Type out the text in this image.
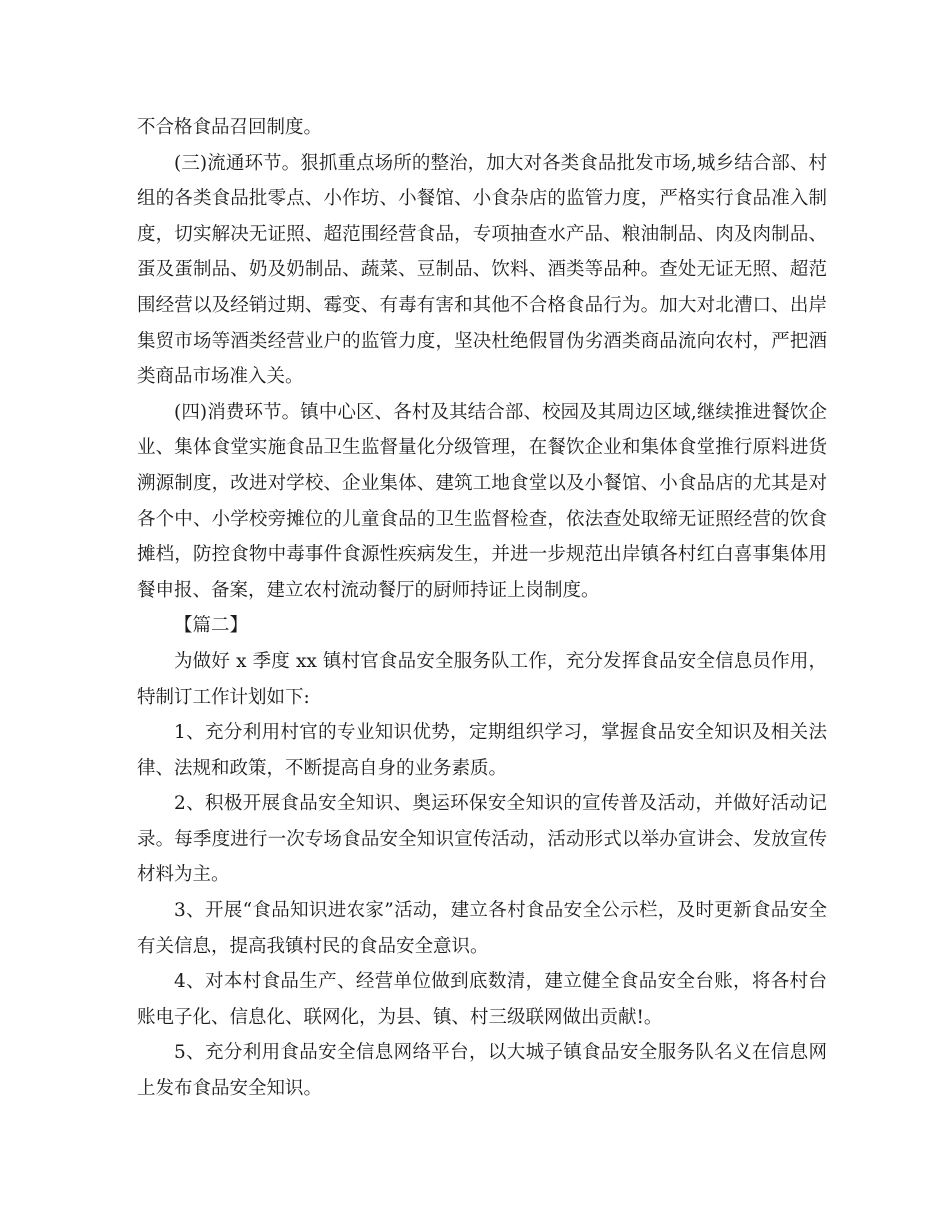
不合格食品召回制度。

(三)流通环节。狠抓重点场所的整治，加大对各类食品批发市场,城乡结合部、村组的各类食品批零点、小作坊、小餐馆、小食杂店的监管力度，严格实行食品准入制度，切实解决无证照、超范围经营食品，专项抽查水产品、粮油制品、肉及肉制品、蛋及蛋制品、奶及奶制品、蔬菜、豆制品、饮料、酒类等品种。查处无证无照、超范围经营以及经销过期、霉变、有毒有害和其他不合格食品行为。加大对北漕口、出岸集贸市场等酒类经营业户的监管力度，坚决杜绝假冒伪劣酒类商品流向农村，严把酒类商品市场准入关。

(四)消费环节。镇中心区、各村及其结合部、校园及其周边区域,继续推进餐饮企业、集体食堂实施食品卫生监督量化分级管理，在餐饮企业和集体食堂推行原料进货溯源制度，改进对学校、企业集体、建筑工地食堂以及小餐馆、小食品店的尤其是对各个中、小学校旁摊位的儿童食品的卫生监督检查，依法查处取缔无证照经营的饮食摊档，防控食物中毒事件食源性疾病发生，并进一步规范出岸镇各村红白喜事集体用餐申报、备案，建立农村流动餐厅的厨师持证上岗制度。

【篇二】

为做好 x 季度 xx 镇村官食品安全服务队工作，充分发挥食品安全信息员作用，特制订工作计划如下:

1、充分利用村官的专业知识优势，定期组织学习，掌握食品安全知识及相关法律、法规和政策，不断提高自身的业务素质。

2、积极开展食品安全知识、奥运环保安全知识的宣传普及活动，并做好活动记录。每季度进行一次专场食品安全知识宣传活动，活动形式以举办宣讲会、发放宣传材料为主。

3、开展“食品知识进农家”活动，建立各村食品安全公示栏，及时更新食品安全有关信息，提高我镇村民的食品安全意识。

4、对本村食品生产、经营单位做到底数清，建立健全食品安全台账，将各村台账电子化、信息化、联网化，为县、镇、村三级联网做出贡献!。

5、充分利用食品安全信息网络平台，以大城子镇食品安全服务队名义在信息网上发布食品安全知识。
